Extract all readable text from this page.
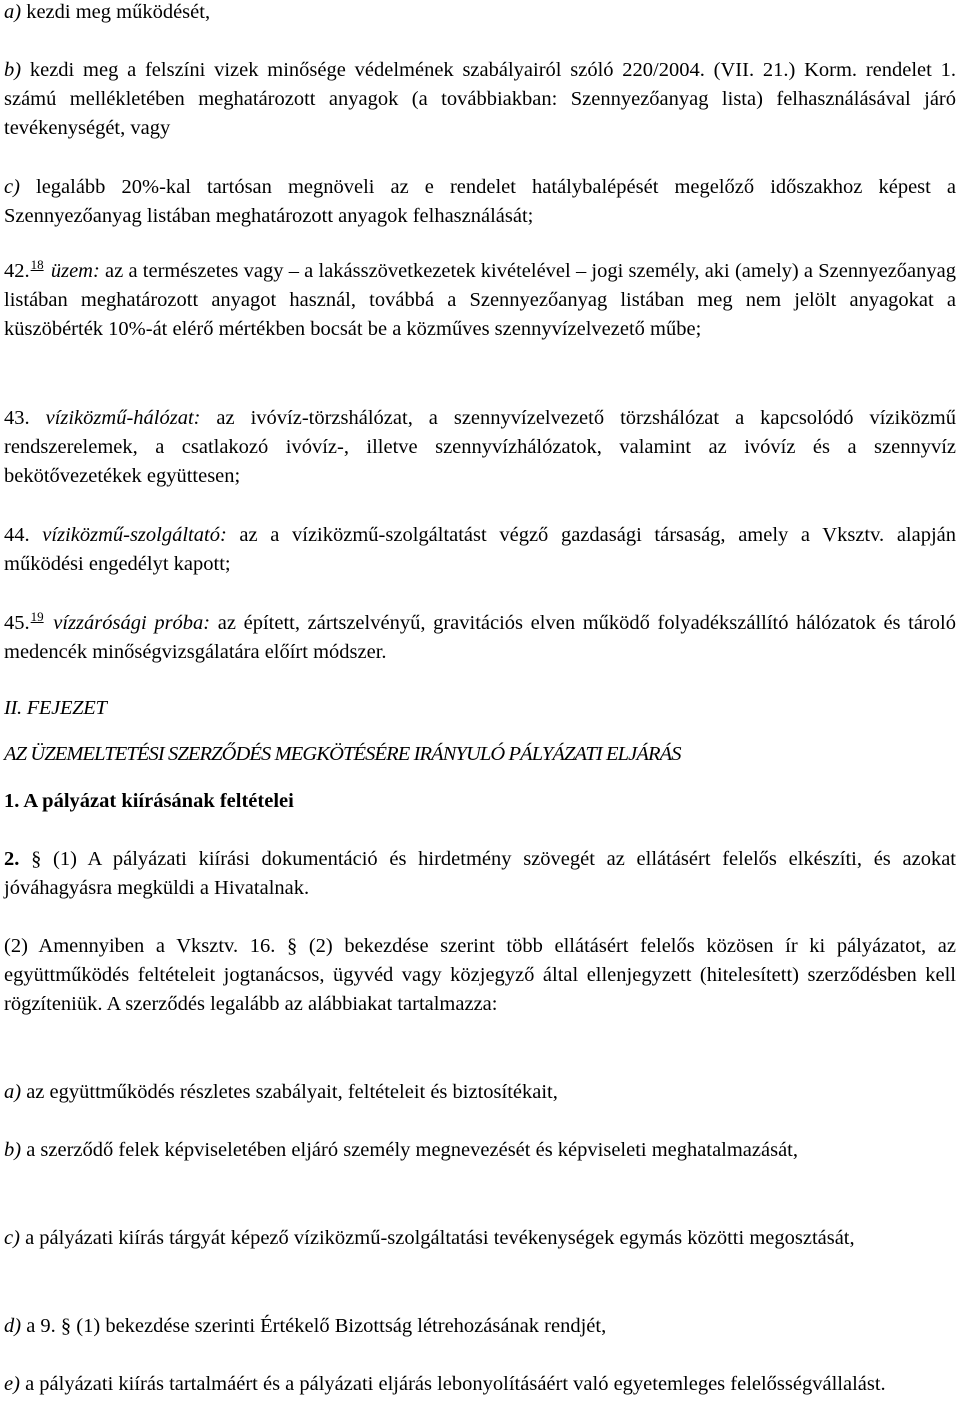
a) kezdi meg működését,

b) kezdi meg a felszíni vizek minősége védelmének szabályairól szóló 220/2004. (VII. 21.) Korm. rendelet 1. számú mellékletében meghatározott anyagok (a továbbiakban: Szennyezőanyag lista) felhasználásával járó tevékenységét, vagy

c) legalább 20%-kal tartósan megnöveli az e rendelet hatálybalépését megelőző időszakhoz képest a Szennyezőanyag listában meghatározott anyagok felhasználását;

42.18 üzem: az a természetes vagy – a lakásszövetkezetek kivételével – jogi személy, aki (amely) a Szennyezőanyag listában meghatározott anyagot használ, továbbá a Szennyezőanyag listában meg nem jelölt anyagokat a küszöbérték 10%-át elérő mértékben bocsát be a közműves szennyvízelvezető műbe;

43. víziközmű-hálózat: az ivóvíz-törzshálózat, a szennyvízelvezető törzshálózat a kapcsolódó víziközmű rendszerelemek, a csatlakozó ivóvíz-, illetve szennyvízhálózatok, valamint az ivóvíz és a szennyvíz bekötővezetékek együttesen;

44. víziközmű-szolgáltató: az a víziközmű-szolgáltatást végző gazdasági társaság, amely a Vksztv. alapján működési engedélyt kapott;

45.19 vízzárósági próba: az épített, zártszelvényű, gravitációs elven működő folyadékszállító hálózatok és tároló medencék minőségvizsgálatára előírt módszer.

II. FEJEZET

AZ ÜZEMELTETÉSI SZERZŐDÉS MEGKÖTÉSÉRE IRÁNYULÓ PÁLYÁZATI ELJÁRÁS

1. A pályázat kiírásának feltételei

2. § (1) A pályázati kiírási dokumentáció és hirdetmény szövegét az ellátásért felelős elkészíti, és azokat jóváhagyásra megküldi a Hivatalnak.

(2) Amennyiben a Vksztv. 16. § (2) bekezdése szerint több ellátásért felelős közösen ír ki pályázatot, az együttműködés feltételeit jogtanácsos, ügyvéd vagy közjegyző által ellenjegyzett (hitelesített) szerződésben kell rögzíteniük. A szerződés legalább az alábbiakat tartalmazza:

a) az együttműködés részletes szabályait, feltételeit és biztosítékait,

b) a szerződő felek képviseletében eljáró személy megnevezését és képviseleti meghatalmazását,

c) a pályázati kiírás tárgyát képező víziközmű-szolgáltatási tevékenységek egymás közötti megosztását,

d) a 9. § (1) bekezdése szerinti Értékelő Bizottság létrehozásának rendjét,

e) a pályázati kiírás tartalmáért és a pályázati eljárás lebonyolításáért való egyetemleges felelősségvállalást.
